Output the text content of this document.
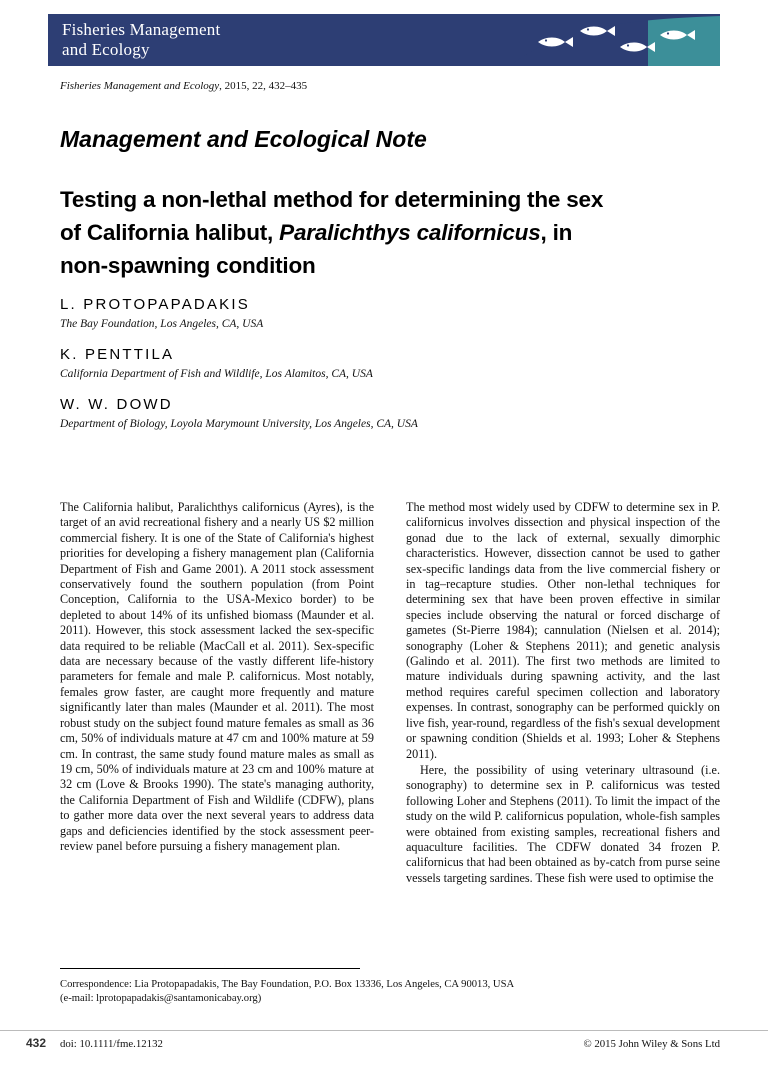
Fisheries Management
and Ecology
Fisheries Management and Ecology, 2015, 22, 432–435
Management and Ecological Note
Testing a non-lethal method for determining the sex
of California halibut, Paralichthys californicus, in
non-spawning condition
L. PROTOPAPADAKIS
The Bay Foundation, Los Angeles, CA, USA
K. PENTTILA
California Department of Fish and Wildlife, Los Alamitos, CA, USA
W. W. DOWD
Department of Biology, Loyola Marymount University, Los Angeles, CA, USA

The California halibut, Paralichthys californicus (Ayres), is the target of an avid recreational fishery and a nearly US $2 million commercial fishery. It is one of the State of California's highest priorities for developing a fishery management plan (California Department of Fish and Game 2001). A 2011 stock assessment conservatively found the southern population (from Point Conception, California to the USA-Mexico border) to be depleted to about 14% of its unfished biomass (Maunder et al. 2011). However, this stock assessment lacked the sex-specific data required to be reliable (MacCall et al. 2011). Sex-specific data are necessary because of the vastly different life-history parameters for female and male P. californicus. Most notably, females grow faster, are caught more frequently and mature significantly later than males (Maunder et al. 2011). The most robust study on the subject found mature females as small as 36 cm, 50% of individuals mature at 47 cm and 100% mature at 59 cm. In contrast, the same study found mature males as small as 19 cm, 50% of individuals mature at 23 cm and 100% mature at 32 cm (Love & Brooks 1990). The state's managing authority, the California Department of Fish and Wildlife (CDFW), plans to gather more data over the next several years to address data gaps and deficiencies identified by the stock assessment peer-review panel before pursuing a fishery management plan.

The method most widely used by CDFW to determine sex in P. californicus involves dissection and physical inspection of the gonad due to the lack of external, sexually dimorphic characteristics. However, dissection cannot be used to gather sex-specific landings data from the live commercial fishery or in tag–recapture studies. Other non-lethal techniques for determining sex that have been proven effective in similar species include observing the natural or forced discharge of gametes (St-Pierre 1984); cannulation (Nielsen et al. 2014); sonography (Loher & Stephens 2011); and genetic analysis (Galindo et al. 2011). The first two methods are limited to mature individuals during spawning activity, and the last method requires careful specimen collection and laboratory expenses. In contrast, sonography can be performed quickly on live fish, year-round, regardless of the fish's sexual development or spawning condition (Shields et al. 1993; Loher & Stephens 2011).

Here, the possibility of using veterinary ultrasound (i.e. sonography) to determine sex in P. californicus was tested following Loher and Stephens (2011). To limit the impact of the study on the wild P. californicus population, whole-fish samples were obtained from existing samples, recreational fishers and aquaculture facilities. The CDFW donated 34 frozen P. californicus that had been obtained as by-catch from purse seine vessels targeting sardines. These fish were used to optimise the

Correspondence: Lia Protopapadakis, The Bay Foundation, P.O. Box 13336, Los Angeles, CA 90013, USA
(e-mail: lprotopapadakis@santamonicabay.org)
432 doi: 10.1111/fme.12132	© 2015 John Wiley & Sons Ltd
